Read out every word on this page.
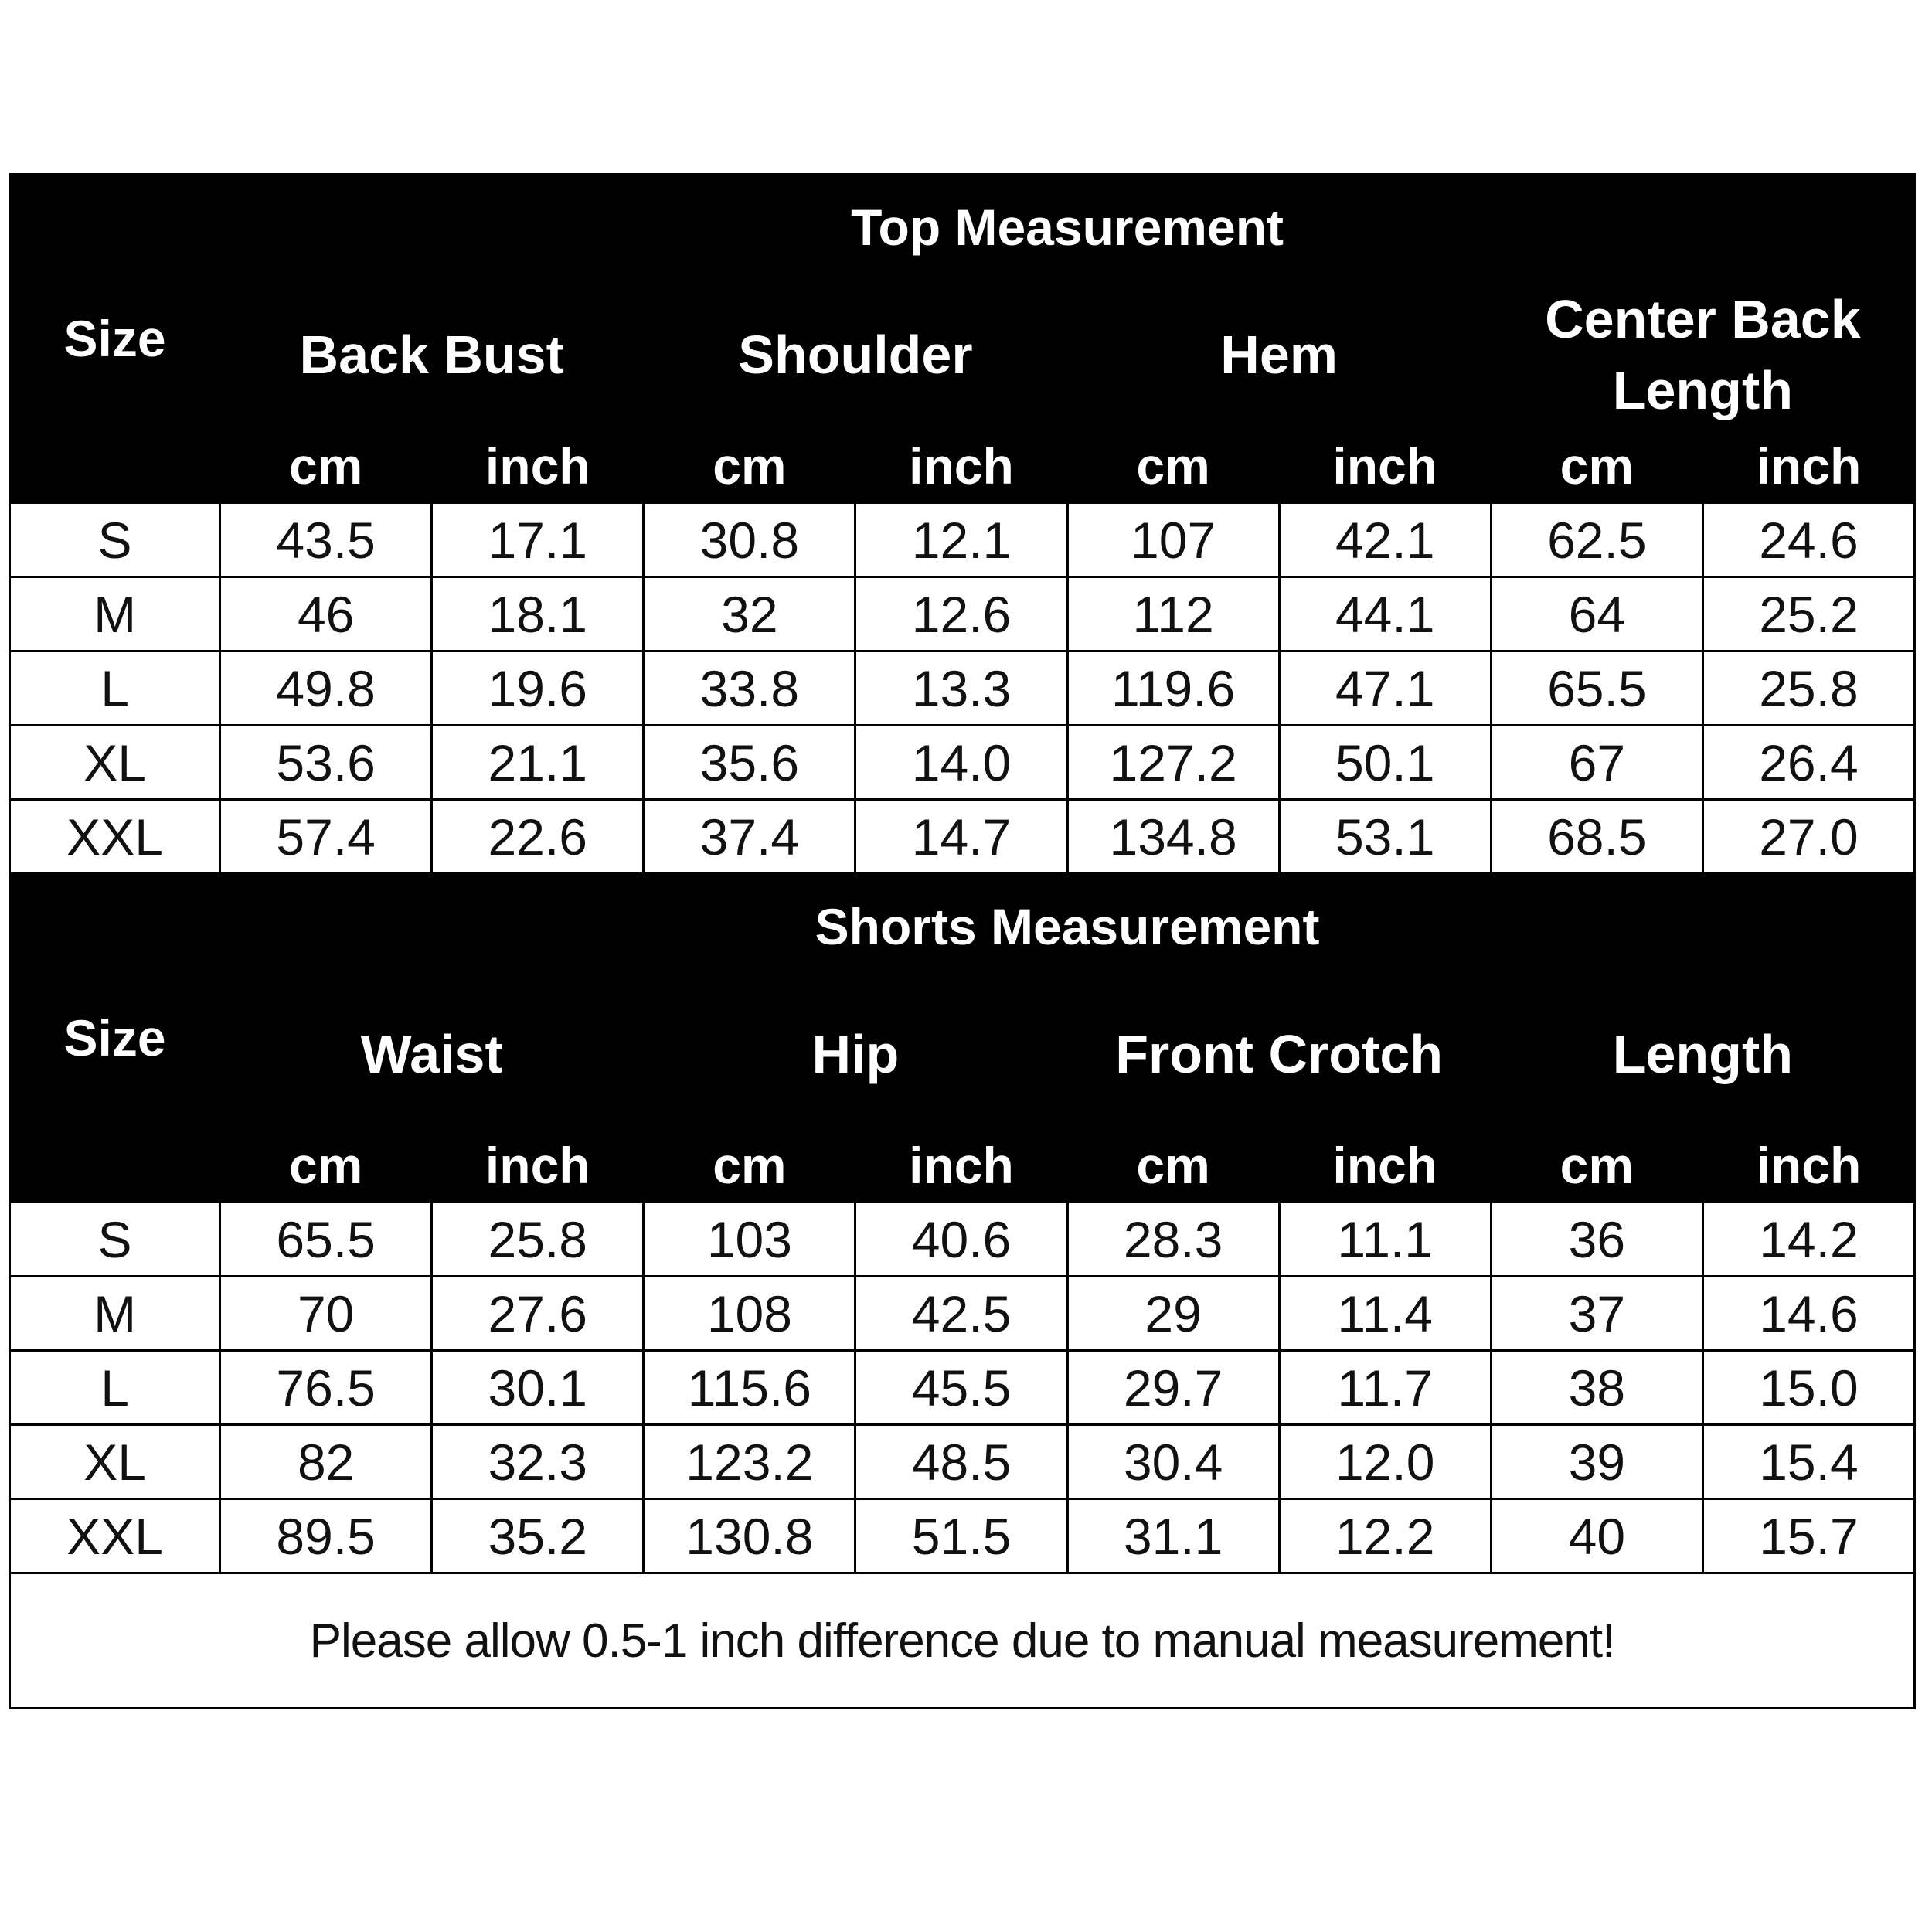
Size	Top Measurement							
	Back Bust		Shoulder		Hem		Center Back Length	
	cm	inch	cm	inch	cm	inch	cm	inch
S	43.5	17.1	30.8	12.1	107	42.1	62.5	24.6
M	46	18.1	32	12.6	112	44.1	64	25.2
L	49.8	19.6	33.8	13.3	119.6	47.1	65.5	25.8
XL	53.6	21.1	35.6	14.0	127.2	50.1	67	26.4
XXL	57.4	22.6	37.4	14.7	134.8	53.1	68.5	27.0
Size	Shorts Measurement							
	Waist		Hip		Front Crotch		Length	
	cm	inch	cm	inch	cm	inch	cm	inch
S	65.5	25.8	103	40.6	28.3	11.1	36	14.2
M	70	27.6	108	42.5	29	11.4	37	14.6
L	76.5	30.1	115.6	45.5	29.7	11.7	38	15.0
XL	82	32.3	123.2	48.5	30.4	12.0	39	15.4
XXL	89.5	35.2	130.8	51.5	31.1	12.2	40	15.7
Please allow 0.5-1 inch difference due to manual measurement!								
